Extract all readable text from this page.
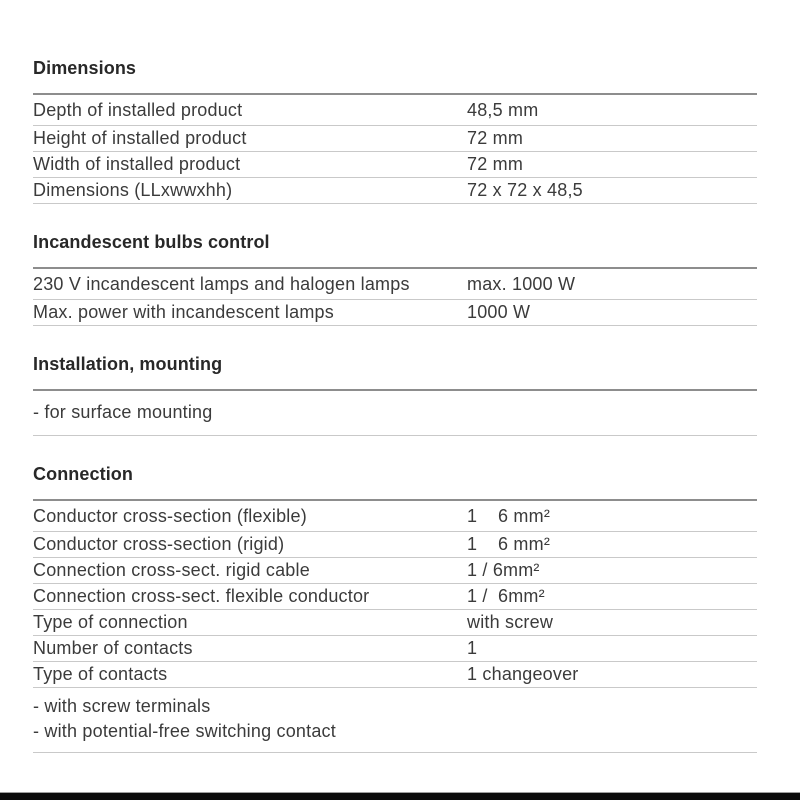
Dimensions
Depth of installed product	48,5 mm
Height of installed product	72 mm
Width of installed product	72 mm
Dimensions (LLxwwxhh)	72 x 72 x 48,5
Incandescent bulbs control
230 V incandescent lamps and halogen lamps	max. 1000 W
Max. power with incandescent lamps	1000 W
Installation, mounting
- for surface mounting
Connection
Conductor cross-section (flexible)	1    6 mm²
Conductor cross-section (rigid)	1    6 mm²
Connection cross-sect. rigid cable	1 / 6mm²
Connection cross-sect. flexible conductor	1 /  6mm²
Type of connection	with screw
Number of contacts	1
Type of contacts	1 changeover
- with screw terminals
- with potential-free switching contact
